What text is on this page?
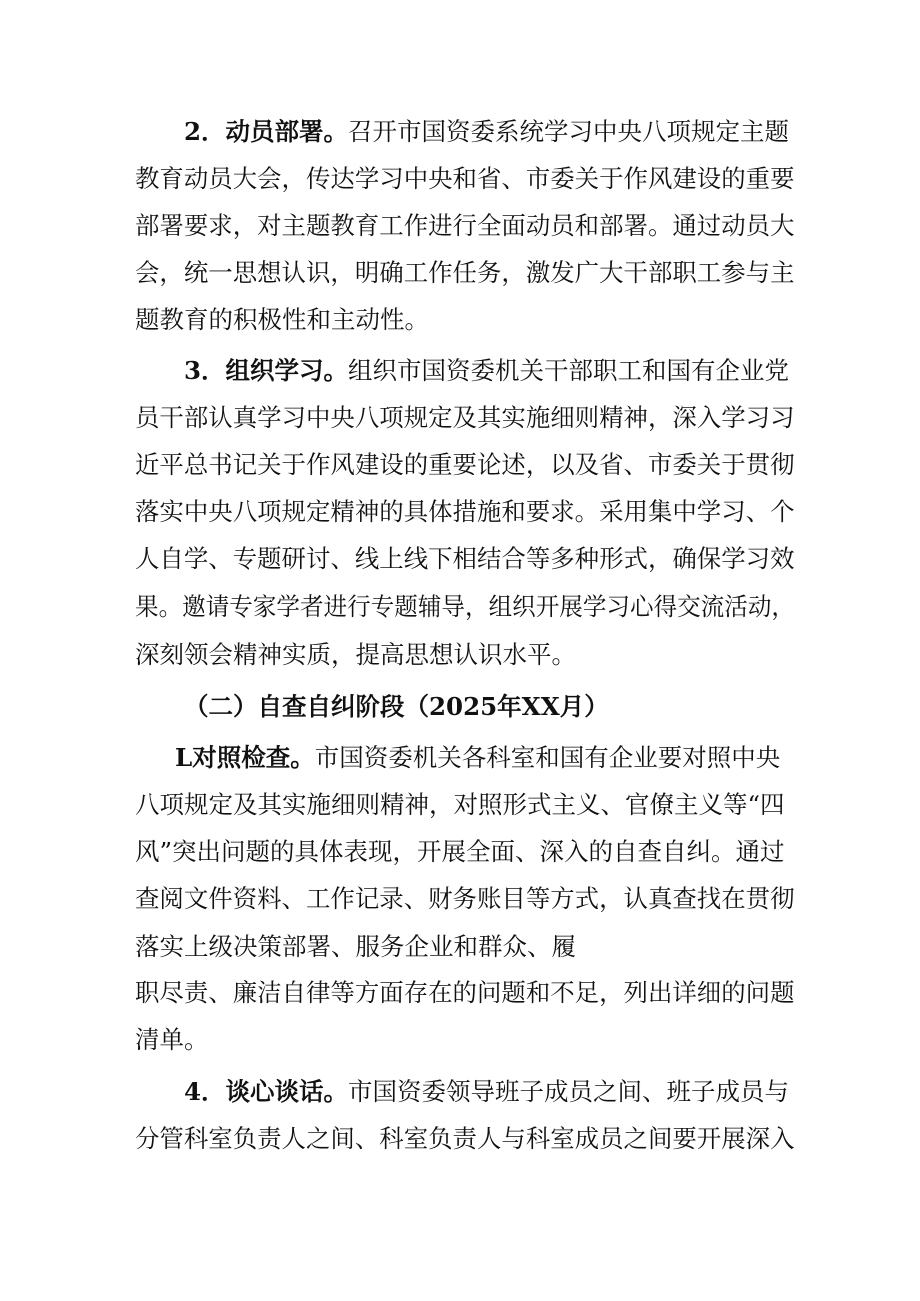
2．动员部署。召开市国资委系统学习中央八项规定主题
教育动员大会，传达学习中央和省、市委关于作风建设的重要
部署要求，对主题教育工作进行全面动员和部署。通过动员大
会，统一思想认识，明确工作任务，激发广大干部职工参与主
题教育的积极性和主动性。
3．组织学习。组织市国资委机关干部职工和国有企业党
员干部认真学习中央八项规定及其实施细则精神，深入学习习
近平总书记关于作风建设的重要论述，以及省、市委关于贯彻
落实中央八项规定精神的具体措施和要求。采用集中学习、个
人自学、专题研讨、线上线下相结合等多种形式，确保学习效
果。邀请专家学者进行专题辅导，组织开展学习心得交流活动，
深刻领会精神实质，提高思想认识水平。
（二）自查自纠阶段（2025年XX月）
L对照检查。市国资委机关各科室和国有企业要对照中央
八项规定及其实施细则精神，对照形式主义、官僚主义等“四
风”突出问题的具体表现，开展全面、深入的自查自纠。通过
查阅文件资料、工作记录、财务账目等方式，认真查找在贯彻
落实上级决策部署、服务企业和群众、履
职尽责、廉洁自律等方面存在的问题和不足，列出详细的问题
清单。
4．谈心谈话。市国资委领导班子成员之间、班子成员与
分管科室负责人之间、科室负责人与科室成员之间要开展深入
